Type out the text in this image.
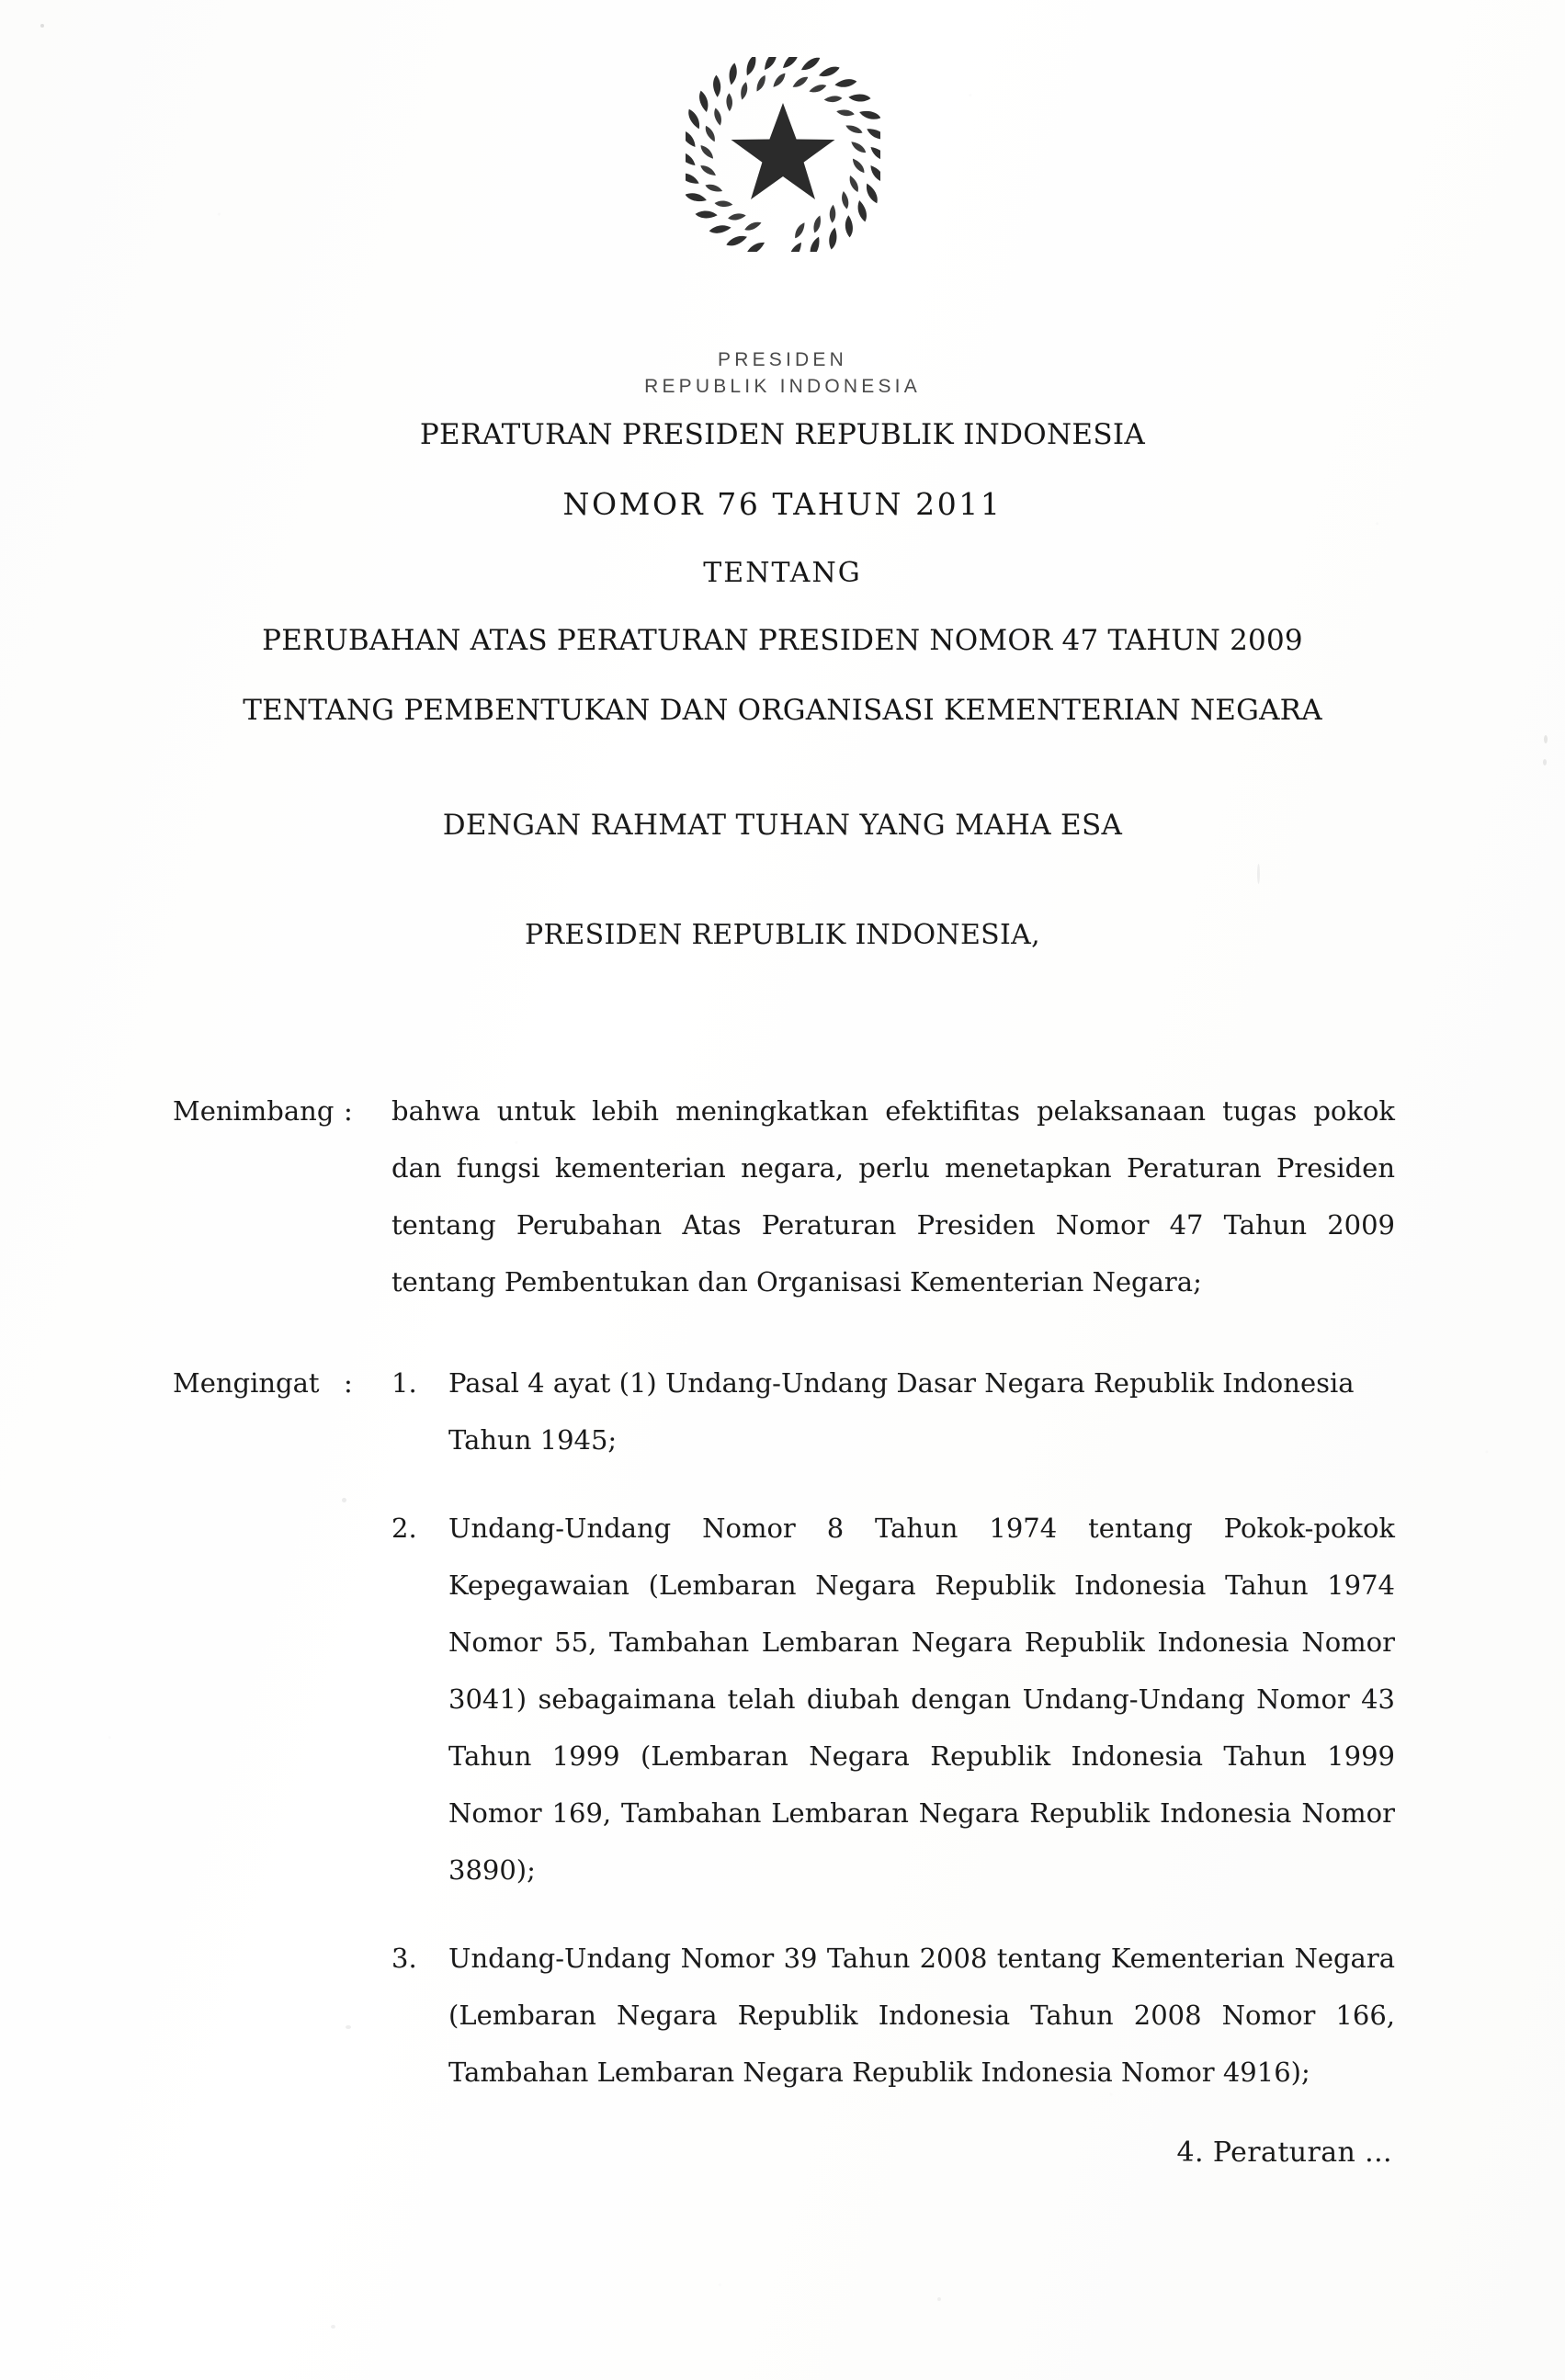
PRESIDEN
REPUBLIK INDONESIA
PERATURAN PRESIDEN REPUBLIK INDONESIA
NOMOR 76 TAHUN 2011
TENTANG
PERUBAHAN ATAS PERATURAN PRESIDEN NOMOR 47 TAHUN 2009
TENTANG PEMBENTUKAN DAN ORGANISASI KEMENTERIAN NEGARA
DENGAN RAHMAT TUHAN YANG MAHA ESA
PRESIDEN REPUBLIK INDONESIA,
Menimbang :	bahwa untuk lebih meningkatkan efektifitas pelaksanaan tugas pokok dan fungsi kementerian negara, perlu menetapkan Peraturan Presiden tentang Perubahan Atas Peraturan Presiden Nomor 47 Tahun 2009 tentang Pembentukan dan Organisasi Kementerian Negara;
Mengingat :	1.	Pasal 4 ayat (1) Undang-Undang Dasar Negara Republik Indonesia Tahun 1945;
2.	Undang-Undang Nomor 8 Tahun 1974 tentang Pokok-pokok Kepegawaian (Lembaran Negara Republik Indonesia Tahun 1974 Nomor 55, Tambahan Lembaran Negara Republik Indonesia Nomor 3041) sebagaimana telah diubah dengan Undang-Undang Nomor 43 Tahun 1999 (Lembaran Negara Republik Indonesia Tahun 1999 Nomor 169, Tambahan Lembaran Negara Republik Indonesia Nomor 3890);
3.	Undang-Undang Nomor 39 Tahun 2008 tentang Kementerian Negara (Lembaran Negara Republik Indonesia Tahun 2008 Nomor 166, Tambahan Lembaran Negara Republik Indonesia Nomor 4916);
4. Peraturan ...
